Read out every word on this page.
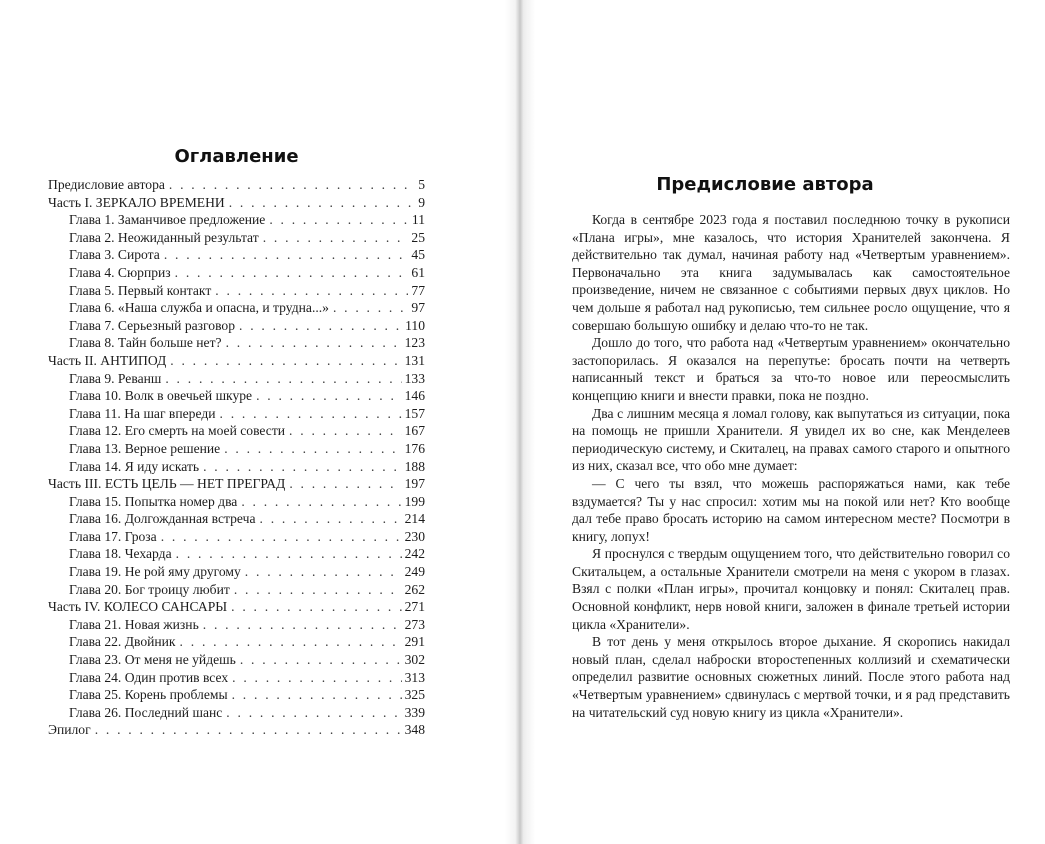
Оглавление
Предисловие автора . . .	5
Часть I. ЗЕРКАЛО ВРЕМЕНИ . . .	9
Глава 1. Заманчивое предложение . . .	11
Глава 2. Неожиданный результат . . .	25
Глава 3. Сирота . . .	45
Глава 4. Сюрприз . . .	61
Глава 5. Первый контакт . . .	77
Глава 6. «Наша служба и опасна, и трудна...» . . .	97
Глава 7. Серьезный разговор . . .	110
Глава 8. Тайн больше нет? . . .	123
Часть II. АНТИПОД . . .	131
Глава 9. Реванш . . .	133
Глава 10. Волк в овечьей шкуре . . .	146
Глава 11. На шаг впереди . . .	157
Глава 12. Его смерть на моей совести . . .	167
Глава 13. Верное решение . . .	176
Глава 14. Я иду искать . . .	188
Часть III. ЕСТЬ ЦЕЛЬ — НЕТ ПРЕГРАД . . .	197
Глава 15. Попытка номер два . . .	199
Глава 16. Долгожданная встреча . . .	214
Глава 17. Гроза . . .	230
Глава 18. Чехарда . . .	242
Глава 19. Не рой яму другому . . .	249
Глава 20. Бог троицу любит . . .	262
Часть IV. КОЛЕСО САНСАРЫ . . .	271
Глава 21. Новая жизнь . . .	273
Глава 22. Двойник . . .	291
Глава 23. От меня не уйдешь . . .	302
Глава 24. Один против всех . . .	313
Глава 25. Корень проблемы . . .	325
Глава 26. Последний шанс . . .	339
Эпилог . . .	348
Предисловие автора

Когда в сентябре 2023 года я поставил последнюю точку в рукописи «Плана игры», мне казалось, что история Хранителей закончена. Я действительно так думал, начиная работу над «Четвертым уравнением». Первоначально эта книга задумывалась как самостоятельное произведение, ничем не связанное с событиями первых двух циклов. Но чем дольше я работал над рукописью, тем сильнее росло ощущение, что я совершаю большую ошибку и делаю что-то не так.

Дошло до того, что работа над «Четвертым уравнением» окончательно застопорилась. Я оказался на перепутье: бросать почти на четверть написанный текст и браться за что-то новое или переосмыслить концепцию книги и внести правки, пока не поздно.

Два с лишним месяца я ломал голову, как выпутаться из ситуации, пока на помощь не пришли Хранители. Я увидел их во сне, как Менделеев периодическую систему, и Скиталец, на правах самого старого и опытного из них, сказал все, что обо мне думает:

— С чего ты взял, что можешь распоряжаться нами, как тебе вздумается? Ты у нас спросил: хотим мы на покой или нет? Кто вообще дал тебе право бросать историю на самом интересном месте? Посмотри в книгу, лопух!

Я проснулся с твердым ощущением того, что действительно говорил со Скитальцем, а остальные Хранители смотрели на меня с укором в глазах. Взял с полки «План игры», прочитал концовку и понял: Скиталец прав. Основной конфликт, нерв новой книги, заложен в финале третьей истории цикла «Хранители».

В тот день у меня открылось второе дыхание. Я скоропись накидал новый план, сделал наброски второстепенных коллизий и схематически определил развитие основных сюжетных линий. После этого работа над «Четвертым уравнением» сдвинулась с мертвой точки, и я рад представить на читательский суд новую книгу из цикла «Хранители».
